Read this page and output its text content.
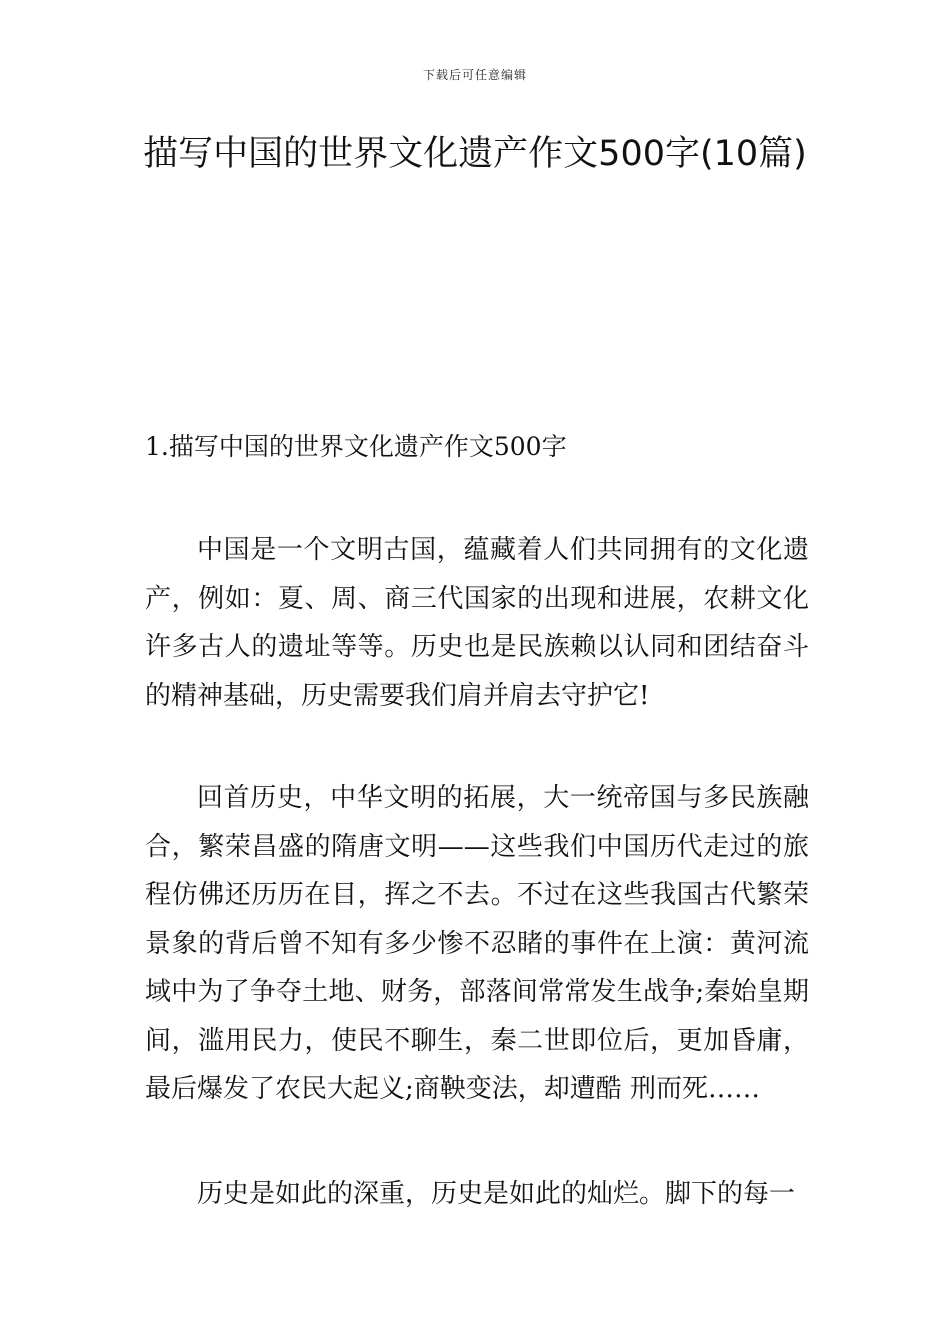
下载后可任意编辑
描写中国的世界文化遗产作文500字(10篇)
1.描写中国的世界文化遗产作文500字

中国是一个文明古国，蕴藏着人们共同拥有的文化遗产，例如：夏、周、商三代国家的出现和进展，农耕文化许多古人的遗址等等。历史也是民族赖以认同和团结奋斗的精神基础，历史需要我们肩并肩去守护它!

回首历史，中华文明的拓展，大一统帝国与多民族融合，繁荣昌盛的隋唐文明——这些我们中国历代走过的旅程仿佛还历历在目，挥之不去。不过在这些我国古代繁荣景象的背后曾不知有多少惨不忍睹的事件在上演：黄河流域中为了争夺土地、财务，部落间常常发生战争;秦始皇期间，滥用民力，使民不聊生，秦二世即位后，更加昏庸，最后爆发了农民大起义;商鞅变法，却遭酷 刑而死……

历史是如此的深重，历史是如此的灿烂。脚下的每一
